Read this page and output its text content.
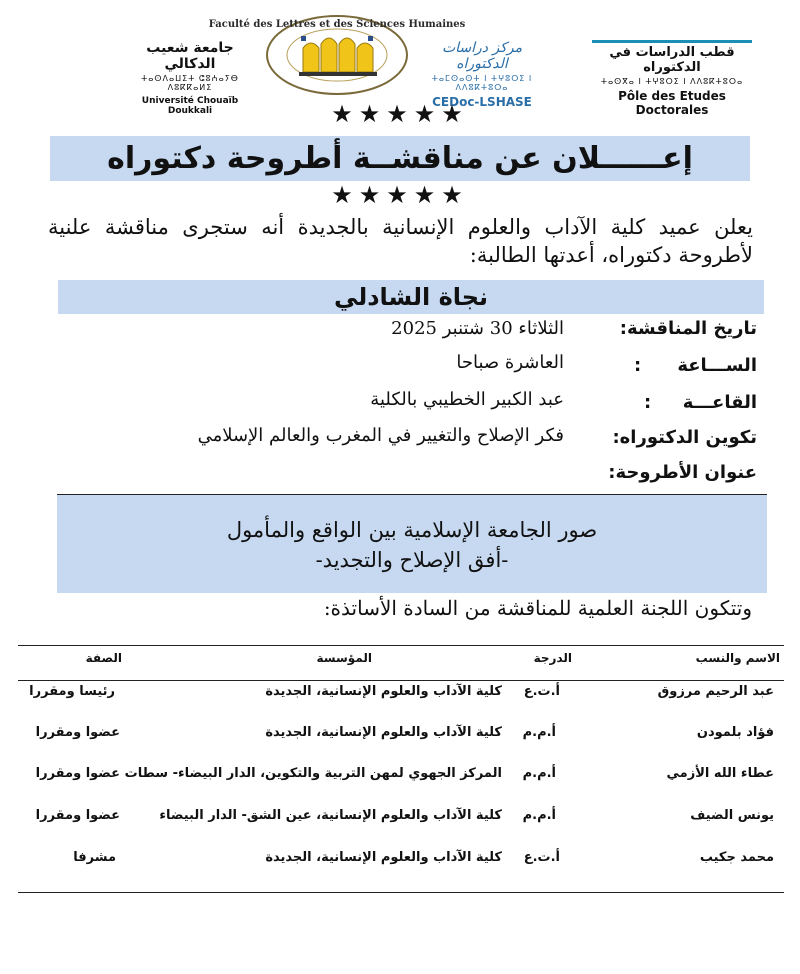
جامعة شعيب الدكالي
ⵜⴰⵙⴷⴰⵡⵉⵜ ⵛⵓⵄⴰⵢⴱ ⴷⵓⴽⴽⴰⵍⵉ
Université Chouaïb Doukkali
Faculté des Lettres et des Sciences Humaines
مركز دراسات الدكتوراه
ⵜⴰⵎⵙⴰⵙⵜ ⵏ ⵜⵖⵓⵔⵉ ⵏ ⴷⴷⵓⴽⵜⵓⵔⴰ
CEDoc-LSHASE
قطب الدراسات في الدكتوراه
ⵜⴰⵙⴳⴰ ⵏ ⵜⵖⵓⵔⵉ ⵏ ⴷⴷⵓⴽⵜⵓⵔⴰ
Pôle des Etudes Doctorales
★★★★★
إعــــــلان عن مناقشــة أطروحة دكتوراه
★★★★★
يعلن عميد كلية الآداب والعلوم الإنسانية بالجديدة أنه ستجرى مناقشة علنية لأطروحة دكتوراه، أعدتها الطالبة:
نجاة الشادلي
تاريخ المناقشة:
الثلاثاء 30 شتنبر 2025
الســـاعة
:
العاشرة صباحا
القاعـــة
:
عبد الكبير الخطيبي بالكلية
تكوين الدكتوراه:
فكر الإصلاح والتغيير في المغرب والعالم الإسلامي
عنوان الأطروحة:
صور الجامعة الإسلامية بين الواقع والمأمول
-أفق الإصلاح والتجديد-
وتتكون اللجنة العلمية للمناقشة من السادة الأساتذة:
الاسم والنسب
الدرجة
المؤسسة
الصفة
عبد الرحيم مرزوق
أ.ت.ع
كلية الآداب والعلوم الإنسانية، الجديدة
رئيسا ومقررا
فؤاد بلمودن
أ.م.م
كلية الآداب والعلوم الإنسانية، الجديدة
عضوا ومقررا
عطاء الله الأزمي
أ.م.م
المركز الجهوي لمهن التربية والتكوين، الدار البيضاء- سطات
عضوا ومقررا
يونس الضيف
أ.م.م
كلية الآداب والعلوم الإنسانية، عين الشق- الدار البيضاء
عضوا ومقررا
محمد جكيب
أ.ت.ع
كلية الآداب والعلوم الإنسانية، الجديدة
مشرفا
